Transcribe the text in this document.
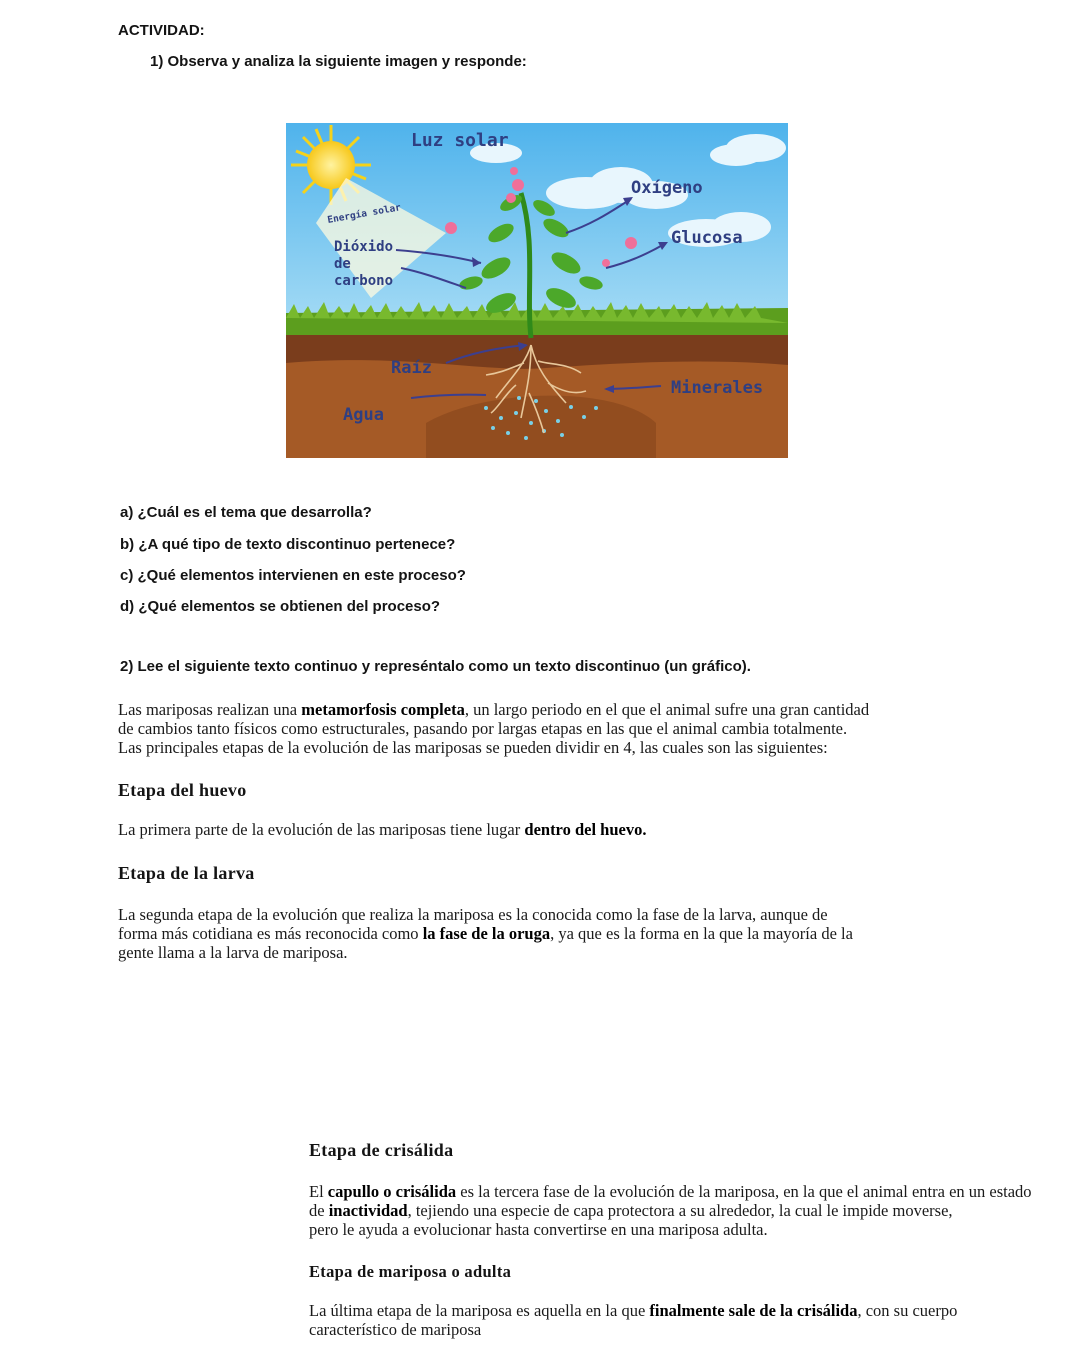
ACTIVIDAD:
1) Observa y analiza la siguiente imagen y responde:
Luz solar
Energía solar
Oxígeno
Glucosa
Dióxido
de
carbono
Raíz
Minerales
Agua
a) ¿Cuál es el tema que desarrolla?
b) ¿A qué tipo de texto discontinuo pertenece?
c) ¿Qué elementos intervienen en este proceso?
d) ¿Qué elementos se obtienen del proceso?
2) Lee el siguiente texto continuo y represéntalo como un texto discontinuo (un gráfico).
Las mariposas realizan una metamorfosis completa, un largo periodo en el que el animal sufre una gran cantidad
de cambios tanto físicos como estructurales, pasando por largas etapas en las que el animal cambia totalmente.
Las principales etapas de la evolución de las mariposas se pueden dividir en 4, las cuales son las siguientes:
Etapa del huevo
La primera parte de la evolución de las mariposas tiene lugar dentro del huevo.
Etapa de la larva
La segunda etapa de la evolución que realiza la mariposa es la conocida como la fase de la larva, aunque de
forma más cotidiana es más reconocida como la fase de la oruga, ya que es la forma en la que la mayoría de la
gente llama a la larva de mariposa.
Etapa de crisálida
El capullo o crisálida es la tercera fase de la evolución de la mariposa, en la que el animal entra en un estado
de inactividad, tejiendo una especie de capa protectora a su alrededor, la cual le impide moverse,
pero le ayuda a evolucionar hasta convertirse en una mariposa adulta.
Etapa de mariposa o adulta
La última etapa de la mariposa es aquella en la que finalmente sale de la crisálida, con su cuerpo
característico de mariposa
